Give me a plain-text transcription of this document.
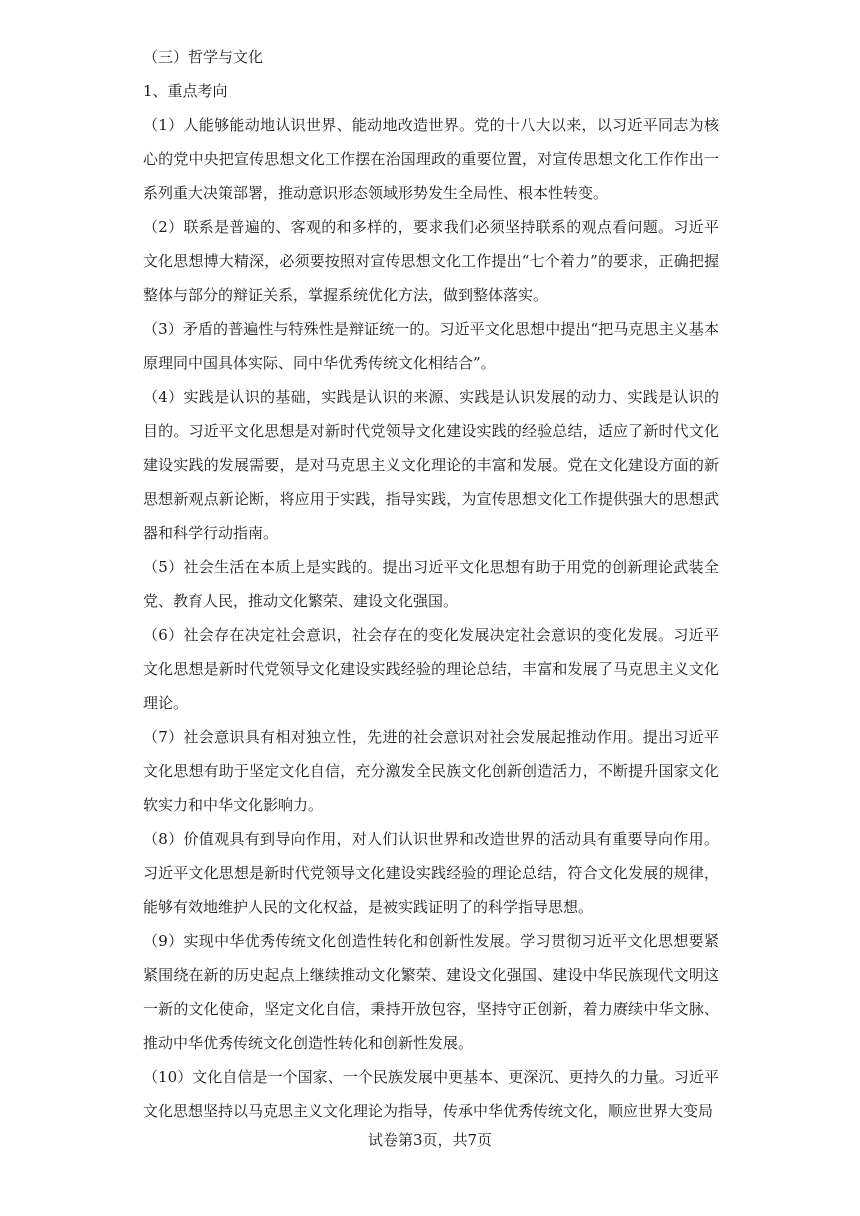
（三）哲学与文化
1、重点考向
（1）人能够能动地认识世界、能动地改造世界。党的十八大以来，以习近平同志为核
心的党中央把宣传思想文化工作摆在治国理政的重要位置，对宣传思想文化工作作出一
系列重大决策部署，推动意识形态领域形势发生全局性、根本性转变。
（2）联系是普遍的、客观的和多样的，要求我们必须坚持联系的观点看问题。习近平
文化思想博大精深，必须要按照对宣传思想文化工作提出“七个着力”的要求，正确把握
整体与部分的辩证关系，掌握系统优化方法，做到整体落实。
（3）矛盾的普遍性与特殊性是辩证统一的。习近平文化思想中提出“把马克思主义基本
原理同中国具体实际、同中华优秀传统文化相结合”。
（4）实践是认识的基础，实践是认识的来源、实践是认识发展的动力、实践是认识的
目的。习近平文化思想是对新时代党领导文化建设实践的经验总结，适应了新时代文化
建设实践的发展需要，是对马克思主义文化理论的丰富和发展。党在文化建设方面的新
思想新观点新论断，将应用于实践，指导实践，为宣传思想文化工作提供强大的思想武
器和科学行动指南。
（5）社会生活在本质上是实践的。提出习近平文化思想有助于用党的创新理论武装全
党、教育人民，推动文化繁荣、建设文化强国。
（6）社会存在决定社会意识，社会存在的变化发展决定社会意识的变化发展。习近平
文化思想是新时代党领导文化建设实践经验的理论总结，丰富和发展了马克思主义文化
理论。
（7）社会意识具有相对独立性，先进的社会意识对社会发展起推动作用。提出习近平
文化思想有助于坚定文化自信，充分激发全民族文化创新创造活力，不断提升国家文化
软实力和中华文化影响力。
（8）价值观具有到导向作用，对人们认识世界和改造世界的活动具有重要导向作用。
习近平文化思想是新时代党领导文化建设实践经验的理论总结，符合文化发展的规律，
能够有效地维护人民的文化权益，是被实践证明了的科学指导思想。
（9）实现中华优秀传统文化创造性转化和创新性发展。学习贯彻习近平文化思想要紧
紧围绕在新的历史起点上继续推动文化繁荣、建设文化强国、建设中华民族现代文明这
一新的文化使命，坚定文化自信，秉持开放包容，坚持守正创新，着力赓续中华文脉、
推动中华优秀传统文化创造性转化和创新性发展。
（10）文化自信是一个国家、一个民族发展中更基本、更深沉、更持久的力量。习近平
文化思想坚持以马克思主义文化理论为指导，传承中华优秀传统文化，顺应世界大变局
试卷第3页，共7页
